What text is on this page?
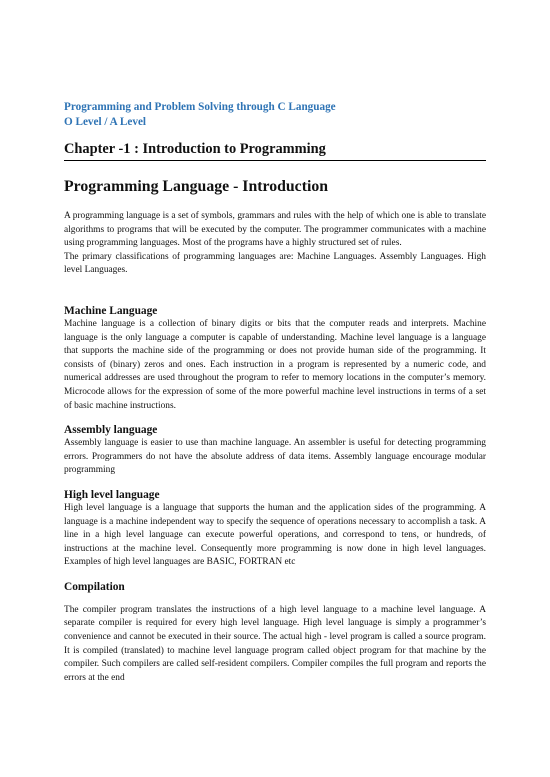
Programming and Problem Solving through C Language
O Level / A Level
Chapter -1 : Introduction to Programming
Programming Language - Introduction

A programming language is a set of symbols, grammars and rules with the help of which one is able to translate algorithms to programs that will be executed by the computer. The programmer communicates with a machine using programming languages. Most of the programs have a highly structured set of rules.

The primary classifications of programming languages are: Machine Languages. Assembly Languages. High level Languages.

Machine Language

Machine language is a collection of binary digits or bits that the computer reads and interprets. Machine language is the only language a computer is capable of understanding. Machine level language is a language that supports the machine side of the programming or does not provide human side of the programming. It consists of (binary) zeros and ones. Each instruction in a program is represented by a numeric code, and numerical addresses are used throughout the program to refer to memory locations in the computer’s memory. Microcode allows for the expression of some of the more powerful machine level instructions in terms of a set of basic machine instructions.

Assembly language

Assembly language is easier to use than machine language. An assembler is useful for detecting programming errors. Programmers do not have the absolute address of data items. Assembly language encourage modular programming

High level language

High level language is a language that supports the human and the application sides of the programming. A language is a machine independent way to specify the sequence of operations necessary to accomplish a task. A line in a high level language can execute powerful operations, and correspond to tens, or hundreds, of instructions at the machine level. Consequently more programming is now done in high level languages. Examples of high level languages are BASIC, FORTRAN etc

Compilation

The compiler program translates the instructions of a high level language to a machine level language. A separate compiler is required for every high level language. High level language is simply a programmer’s convenience and cannot be executed in their source. The actual high - level program is called a source program. It is compiled (translated) to machine level language program called object program for that machine by the compiler. Such compilers are called self-resident compilers. Compiler compiles the full program and reports the errors at the end
